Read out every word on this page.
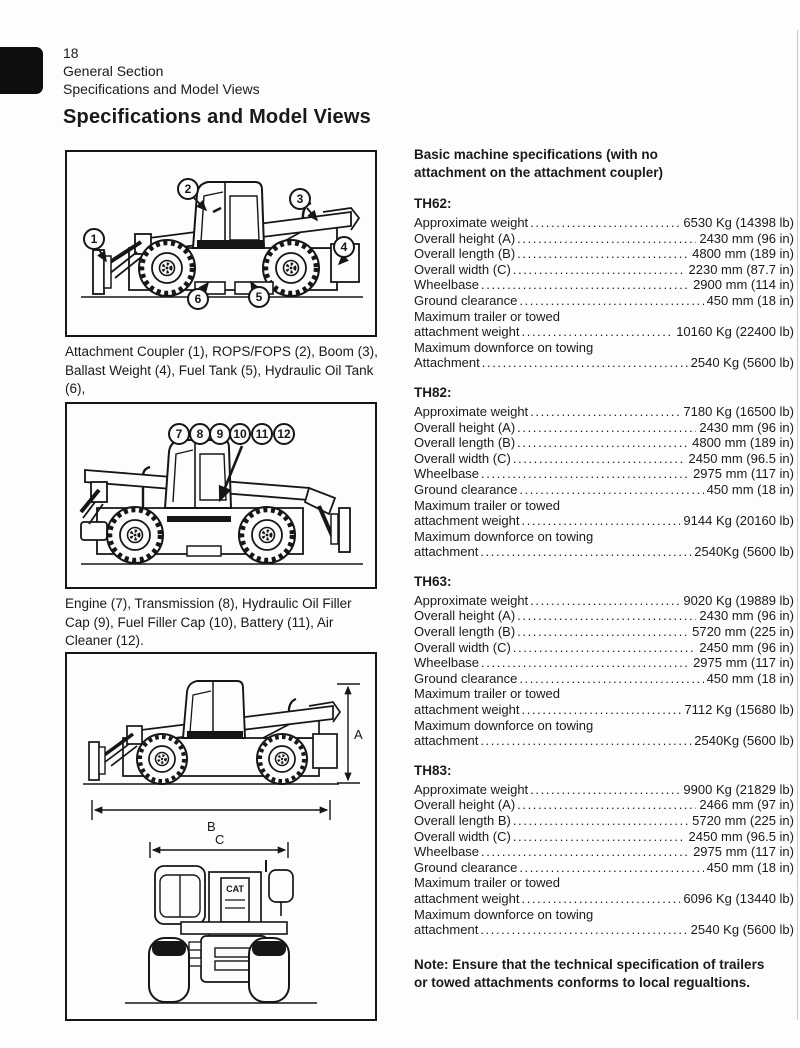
18
General Section
Specifications and Model Views
Specifications and Model Views
1
2
3
4
5
6

Attachment Coupler (1), ROPS/FOPS (2), Boom (3), Ballast Weight (4), Fuel Tank (5), Hydraulic Oil Tank (6),

7	8	9 10 11 12

Engine (7), Transmission (8), Hydraulic Oil Filler Cap (9), Fuel Filler Cap (10), Battery (11), Air Cleaner (12).

A
B
C
CAT
Basic machine specifications (with no attachment on the attachment coupler)
TH62:
Approximate weight .....	6530 Kg (14398 lb)
Overall height (A) .....	2430 mm (96 in)
Overall length (B) .....	4800 mm (189 in)
Overall width (C) .....	2230 mm (87.7 in)
Wheelbase .....	2900 mm (114 in)
Ground clearance .....	450 mm (18 in)
Maximum trailer or towed
attachment weight .....	10160 Kg (22400 lb)
Maximum downforce on towing
Attachment .....	2540 Kg (5600 lb)
TH82:
Approximate weight .....	7180 Kg (16500 lb)
Overall height (A) .....	2430 mm (96 in)
Overall length (B) .....	4800 mm (189 in)
Overall width (C) .....	2450 mm (96.5 in)
Wheelbase .....	2975 mm (117 in)
Ground clearance .....	450 mm (18 in)
Maximum trailer or towed
attachment weight .....	9144 Kg (20160 lb)
Maximum downforce on towing
attachment .....	2540Kg (5600 lb)
TH63:
Approximate weight .....	9020 Kg (19889 lb)
Overall height (A) .....	2430 mm (96 in)
Overall length (B) .....	5720 mm (225 in)
Overall width (C) .....	2450 mm (96 in)
Wheelbase .....	2975 mm (117 in)
Ground clearance .....	450 mm (18 in)
Maximum trailer or towed
attachment weight .....	7112 Kg (15680 lb)
Maximum downforce on towing
attachment .....	2540Kg (5600 lb)
TH83:
Approximate weight .....	9900 Kg (21829 lb)
Overall height (A) .....	2466 mm (97 in)
Overall length B) .....	5720 mm (225 in)
Overall width (C) .....	2450 mm (96.5 in)
Wheelbase .....	2975 mm (117 in)
Ground clearance .....	450 mm (18 in)
Maximum trailer or towed
attachment weight .....	6096 Kg (13440 lb)
Maximum downforce on towing
attachment .....	2540 Kg (5600 lb)

Note: Ensure that the technical specification of trailers or towed attachments conforms to local regualtions.
